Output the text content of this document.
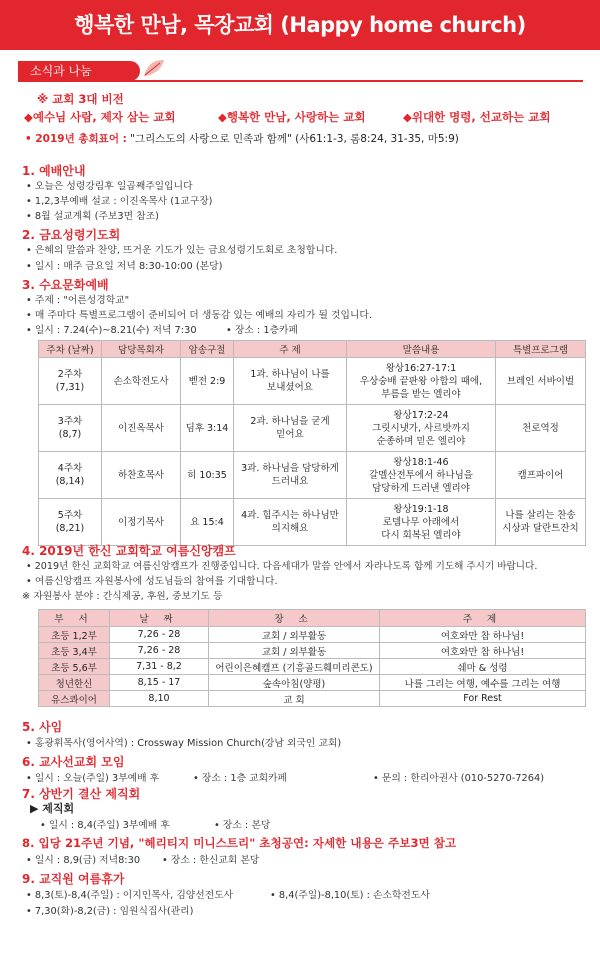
행복한 만남, 목장교회 (Happy home church)
소식과 나눔
※ 교회 3대 비전
◆예수님 사람, 제자 삼는 교회	◆행복한 만남, 사랑하는 교회	◆위대한 명령, 선교하는 교회
• 2019년 총회표어 : "그리스도의 사랑으로 민족과 함께" (사61:1-3, 롬8:24, 31-35, 마5:9)
1. 예배안내
• 오늘은 성령강림후 일곱째주일입니다
• 1,2,3부예배 설교 : 이진옥목사 (1교구장)
• 8월 설교계획 (주보3면 참조)
2. 금요성령기도회
• 은혜의 말씀과 찬양, 뜨거운 기도가 있는 금요성령기도회로 초청합니다.
• 일시 : 매주 금요일 저녁 8:30-10:00 (본당)
3. 수요문화예배
• 주제 : "어른성경학교"
• 매 주마다 특별프로그램이 준비되어 더 생동감 있는 예배의 자리가 될 것입니다.
• 일시 : 7.24(수)~8.21(수) 저녁 7:30	• 장소 : 1층카페
주차 (날짜)	담당목회자	암송구절	주 제	말씀내용	특별프로그램
2주차
(7,31)	손소학전도사	벧전 2:9	1과. 하나님이 나를
보내셨어요	왕상16:27-17:1
우상숭배 끝판왕 아합의 때에,
부름을 받는 엘리야	브레인 서바이벌
3주차
(8,7)	이진옥목사	딤후 3:14	2과. 하나님을 굳게
믿어요	왕상17:2-24
그릿시냇가, 사르밧까지
순종하며 믿은 엘리야	천로역정
4주차
(8,14)	하찬호목사	히 10:35	3과. 하나님을 담당하게
드러내요	왕상18:1-46
갈멜산전투에서 하나님을
담당하게 드러낸 엘리야	캠프파이어
5주차
(8,21)	이정기목사	요 15:4	4과. 힘주시는 하나님만
의지해요	왕상19:1-18
로뎀나무 아래에서
다시 회복된 엘리야	나를 살리는 찬송
시상과 달란트잔치
4. 2019년 한신 교회학교 여름신앙캠프
• 2019년 한신 교회학교 여름신앙캠프가 진행중입니다. 다음세대가 말씀 안에서 자라나도록 함께 기도해 주시기 바랍니다.
• 여름신앙캠프 자원봉사에 성도님들의 참여를 기대합니다.
※ 자원봉사 분야 : 간식제공, 후원, 중보기도 등
부 서	날 짜	장 소	주 제
초등 1,2부	7,26 - 28	교회 / 외부활동	여호와만 참 하나님!
초등 3,4부	7,26 - 28	교회 / 외부활동	여호와만 참 하나님!
초등 5,6부	7,31 - 8,2	어린이은혜캠프 (기흥골드훼미리콘도)	쉐마 & 성령
청년한신	8,15 - 17	숲속아침(양평)	나를 그리는 여행, 예수를 그리는 여행
유스콰이어	8,10	교 회	For Rest
5. 사임
• 홍광휘목사(영어사역) : Crossway Mission Church(강남 외국인 교회)
6. 교사선교회 모임
• 일시 : 오늘(주일) 3부예배 후	• 장소 : 1층 교회카페	• 문의 : 한리아권사 (010-5270-7264)
7. 상반기 결산 제직회
▶ 제직회
• 일시 : 8,4(주일) 3부예배 후	• 장소 : 본당
8. 입당 21주년 기념, "헤리티지 미니스트리" 초청공연: 자세한 내용은 주보3면 참고
• 일시 : 8,9(금) 저녁8:30 • 장소 : 한신교회 본당
9. 교직원 여름휴가
• 8,3(토)-8,4(주일) : 이지인목사, 김양선전도사	• 8,4(주일)-8,10(토) : 손소학전도사
• 7,30(화)-8,2(금) : 임원식집사(관리)
